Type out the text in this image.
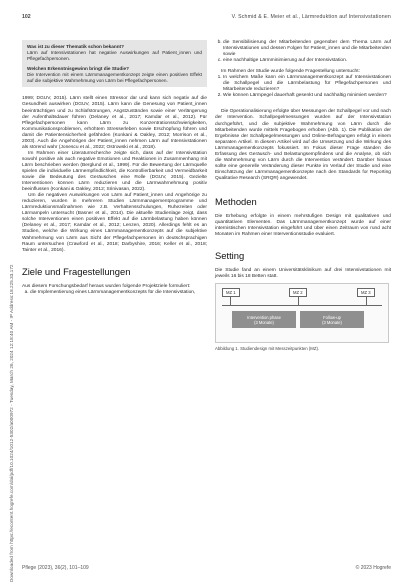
Downloaded from https://econtent.hogrefe.com/doi/pdf/10.1024/1012-5302/a000972 - Tuesday, March 26, 2024 12:18:40 AM - IP Address:18.225.33.172
102	V. Schmid & E. Meier et al., Lärmreduktion auf Intensivstationen

Was ist zu dieser Thematik schon bekannt?

Lärm auf Intensivstationen hat negative Auswirkungen auf Patient_innen und Pflegefachpersonen.

Welchen Erkenntnisgewinn bringt die Studie?

Die Intervention mit einem Lärmmanagementkonzept zeigte einen positiven Effekt auf die subjektive Wahrnehmung von Lärm bei Pflegefachpersonen.

1999; DGUV, 2015). Lärm stellt einen Stressor dar und kann sich negativ auf die Gesundheit auswirken (DGUV, 2015). Lärm kann die Genesung von Patient_innen beeinträchtigen und zu Schlafstörungen, Angstzuständen sowie einer Verlängerung der Aufenthaltsdauer führen (Delaney et al., 2017; Kamdar et al., 2012). Für Pflegefachpersonen kann Lärm zu Konzentrationsschwierigkeiten, Kommunikationsproblemen, erhöhtem Stresserleben sowie Erschöpfung führen und damit die Patientensicherheit gefährden (Konkani & Oakley, 2012; Morrison et al., 2003). Auch die Angehörigen der Patient_innen nehmen Lärm auf Intensivstationen als störend wahr (Jonescu et al., 2022; Ostrowski et al., 2018).

Im Rahmen einer Literaturrecherche zeigte sich, dass auf der Intensivstation sowohl positive als auch negative Emotionen und Reaktionen in Zusammenhang mit Lärm beschrieben werden (Berglund et al., 1999). Für die Bewertung der Lärmquelle spielen die individuelle Lärmempfindlichkeit, die Kontrollierbarkeit und Vermeidbarkeit sowie die Bedeutung des Geräusches eine Rolle (DGUV, 2015). Gezielte Interventionen können Lärm reduzieren und die Lärmwahrnehmung positiv beeinflussen (Konkani & Oakley, 2012; Srinivasan, 2022).

Um die negativen Auswirkungen von Lärm auf Patient_innen und Angehörige zu reduzieren, wurden in mehreren Studien Lärmmanagementprogramme und Lärmreduktionsmaßnahmen wie z.B. Verhaltensschulungen, Ruhezeiten oder Lärmampeln untersucht (Basner et al., 2014). Die aktuelle Studienlage zeigt, dass solche Interventionen einen positiven Effekt auf die Lärmbelastung haben können (Delaney et al., 2017; Kamdar et al., 2012; Lenzen, 2020). Allerdings fehlt es an Studien, welche die Wirkung eines Lärmmanagementkonzepts auf die subjektive Wahrnehmung von Lärm aus Sicht der Pflegefachpersonen im deutschsprachigen Raum untersuchen (Crawford et al., 2018; Darbyshire, 2016; Keller et al., 2018; Tainter et al., 2016).

Ziele und Fragestellungen

Aus diesem Forschungsbedarf heraus wurden folgende Projektziele formuliert:

a. die Implementierung eines Lärmmanagementkonzepts für die Intensivstation,
b. die Sensibilisierung der Mitarbeitenden gegenüber dem Thema Lärm auf Intensivstationen und dessen Folgen für Patient_innen und die Mitarbeitenden sowie
c. eine nachhaltige Lärmminimierung auf der Intensivstation.

Im Rahmen der Studie wurde folgende Fragestellung untersucht:

1. In welchem Maße kann ein Lärmmanagementkonzept auf Intensivstationen die Schallpegel und die Lärmbelastung für Pflegefachpersonen und Mitarbeitende reduzieren?
2. Wie können Lärmpegel dauerhaft gesenkt und nachhaltig minimiert werden?

Die Operationalisierung erfolgte über Messungen der Schallpegel vor und nach der Intervention. Schallpegelmessungen wurden auf der Intensivstation durchgeführt, und die subjektive Wahrnehmung von Lärm durch die Mitarbeitenden wurde mittels Fragebogen erhoben (Abb. 1). Die Publikation der Ergebnisse der Schallpegelmessungen und Online-Befragungen erfolgt in einem separaten Artikel. In diesem Artikel wird auf die Umsetzung und die Wirkung des Lärmmanagementkonzepts fokussiert. Im Fokus dieser Frage standen die Erfassung des Geräusch- und Belastungsempfindens und die Analyse, ob sich die Wahrnehmung von Lärm durch die Intervention verändert. Darüber hinaus sollte eine generelle Veränderung dieser Punkte im Verlauf der Studie und eine Einschätzung der Lärmmanagementkonzepte nach den Standards for Reporting Qualitative Research (SRQR) angewendet.

Methoden

Die Erhebung erfolgte in einem mehrstufigen Design mit qualitativen und quantitativen Elementen. Das Lärmmanagementkonzept wurde auf einer internistischen Intensivstation eingeführt und über einen Zeitraum von rund acht Monaten im Rahmen einer Interventionsstudie evaluiert.

Setting

Die Studie fand an einem Universitätsklinikum auf drei Intensivstationen mit jeweils 16 bis 18 Betten statt.

MZ 1	MZ 2	MZ 3
Intervention phase
(3 Monate)
Follow-up
(3 Monate)
Abbildung 1. Studiendesign mit Messzeitpunkten (MZ).
Pflege (2023), 36(2), 101–109	© 2023 Hogrefe
